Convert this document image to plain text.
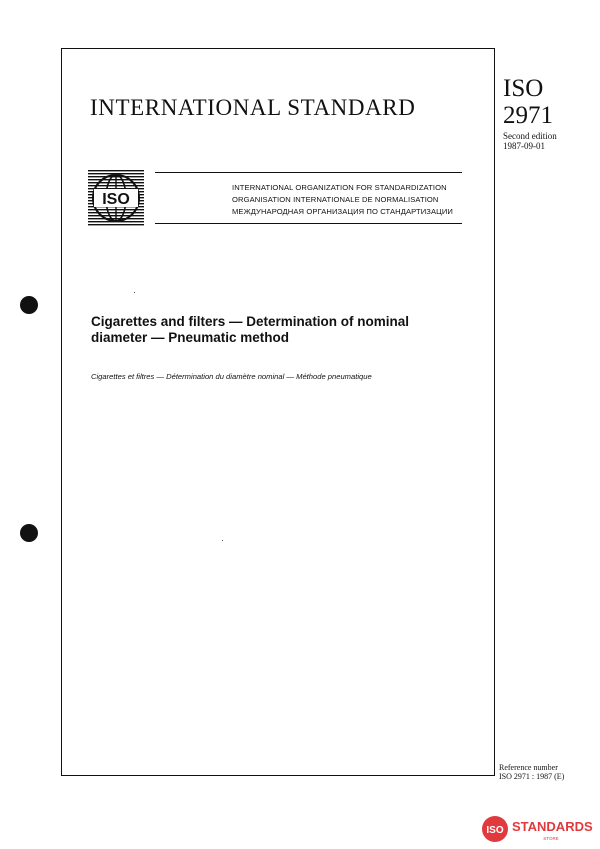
INTERNATIONAL STANDARD
ISO
2971
Second edition
1987-09-01
ISO
INTERNATIONAL ORGANIZATION FOR STANDARDIZATION
ORGANISATION INTERNATIONALE DE NORMALISATION
МЕЖДУНАРОДНАЯ ОРГАНИЗАЦИЯ ПО СТАНДАРТИЗАЦИИ
Cigarettes and filters — Determination of nominal
diameter — Pneumatic method
Cigarettes et filtres — Détermination du diamètre nominal — Méthode pneumatique
Reference number
ISO 2971 : 1987 (E)
ISO STANDARDS
STORE
